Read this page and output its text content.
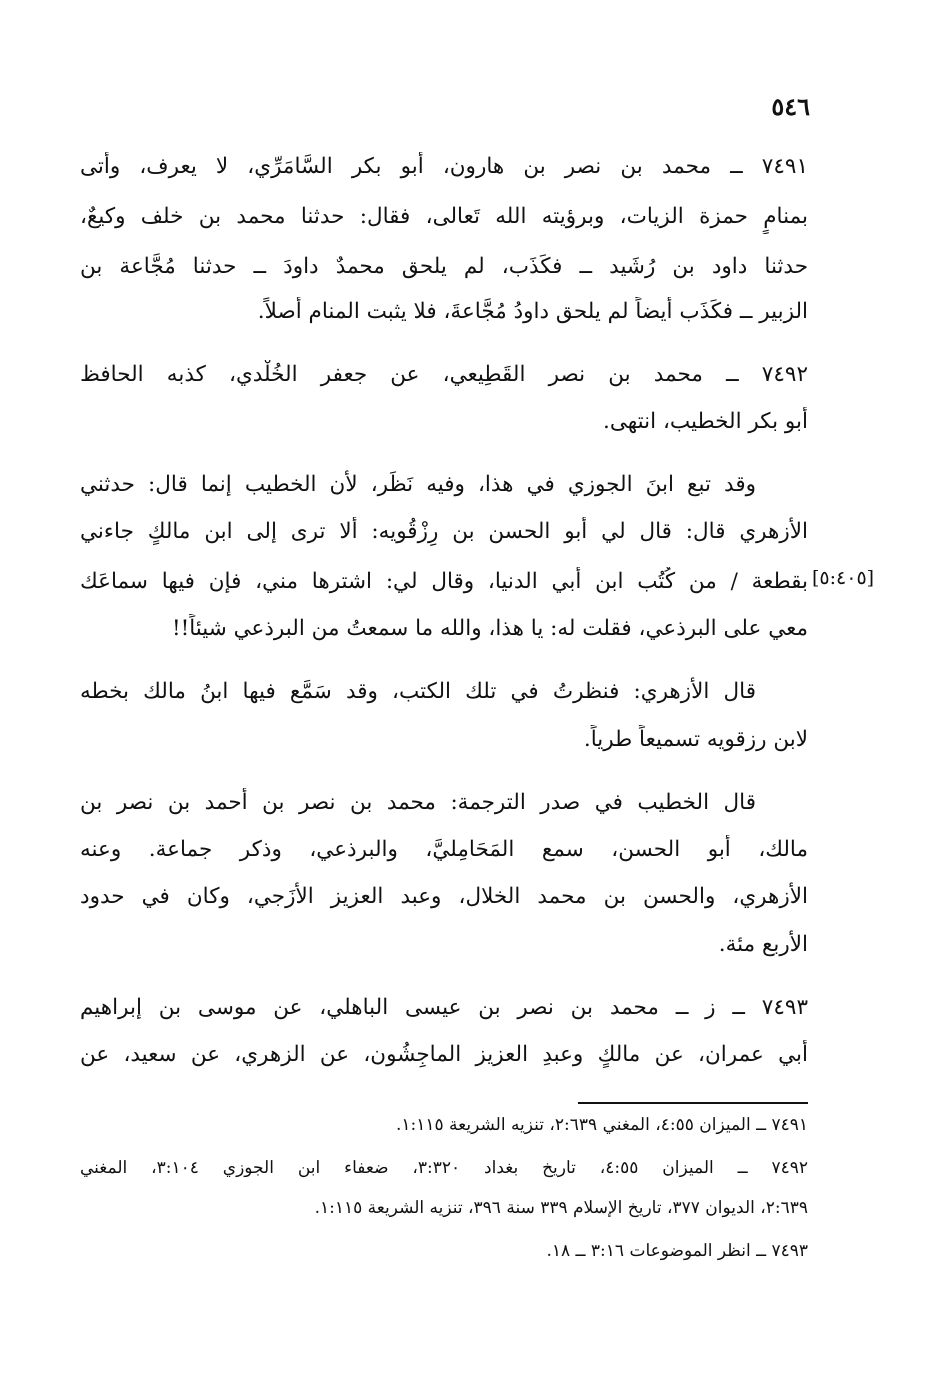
٥٤٦
٧٤٩١ ــ محمد بن نصر بن هارون، أبو بكر السَّامَرِّي، لا يعرف، وأتى
بمنامٍ حمزة الزيات، وبرؤيته الله تَعالى، فقال: حدثنا محمد بن خلف وكيعٌ،
حدثنا داود بن رُشَيد ــ فكَذَب، لم يلحق محمدٌ داودَ ــ حدثنا مُجَّاعة بن
الزبير ــ فكَذَب أيضاً لم يلحق داودُ مُجَّاعةَ، فلا يثبت المنام أصلاً.
٧٤٩٢ ــ محمد بن نصر القَطِيعي، عن جعفر الخُلْدي، كذبه الحافظ
أبو بكر الخطيب، انتهى.
وقد تبع ابنَ الجوزي في هذا، وفيه نَظَر، لأن الخطيب إنما قال: حدثني
الأزهري قال: قال لي أبو الحسن بن رِزْقُويه: ألا ترى إلى ابن مالكٍ جاءني
بقطعة / من كُتُب ابن أبي الدنيا، وقال لي: اشترها مني، فإن فيها سماعَك [٥:٤٠٥]
معي على البرذعي، فقلت له: يا هذا، والله ما سمعتُ من البرذعي شيئاً!!
قال الأزهري: فنظرتُ في تلك الكتب، وقد سَمَّع فيها ابنُ مالك بخطه
لابن رزقويه تسميعاً طرياً.
قال الخطيب في صدر الترجمة: محمد بن نصر بن أحمد بن نصر بن
مالك، أبو الحسن، سمع المَحَامِليَّ، والبرذعي، وذكر جماعة. وعنه
الأزهري، والحسن بن محمد الخلال، وعبد العزيز الأَزَجي، وكان في حدود
الأربع مئة.
٧٤٩٣ ــ ز ــ محمد بن نصر بن عيسى الباهلي، عن موسى بن إبراهيم
أبي عمران، عن مالكٍ وعبدِ العزيز الماجِشُون، عن الزهري، عن سعيد، عن
٧٤٩١ ــ الميزان ٤:٥٥، المغني ٢:٦٣٩، تنزيه الشريعة ١:١١٥.
٧٤٩٢ ــ الميزان ٤:٥٥، تاريخ بغداد ٣:٣٢٠، ضعفاء ابن الجوزي ٣:١٠٤، المغني
٢:٦٣٩، الديوان ٣٧٧، تاريخ الإسلام ٣٣٩ سنة ٣٩٦، تنزيه الشريعة ١:١١٥.
٧٤٩٣ ــ انظر الموضوعات ٣:١٦ ــ ١٨.
